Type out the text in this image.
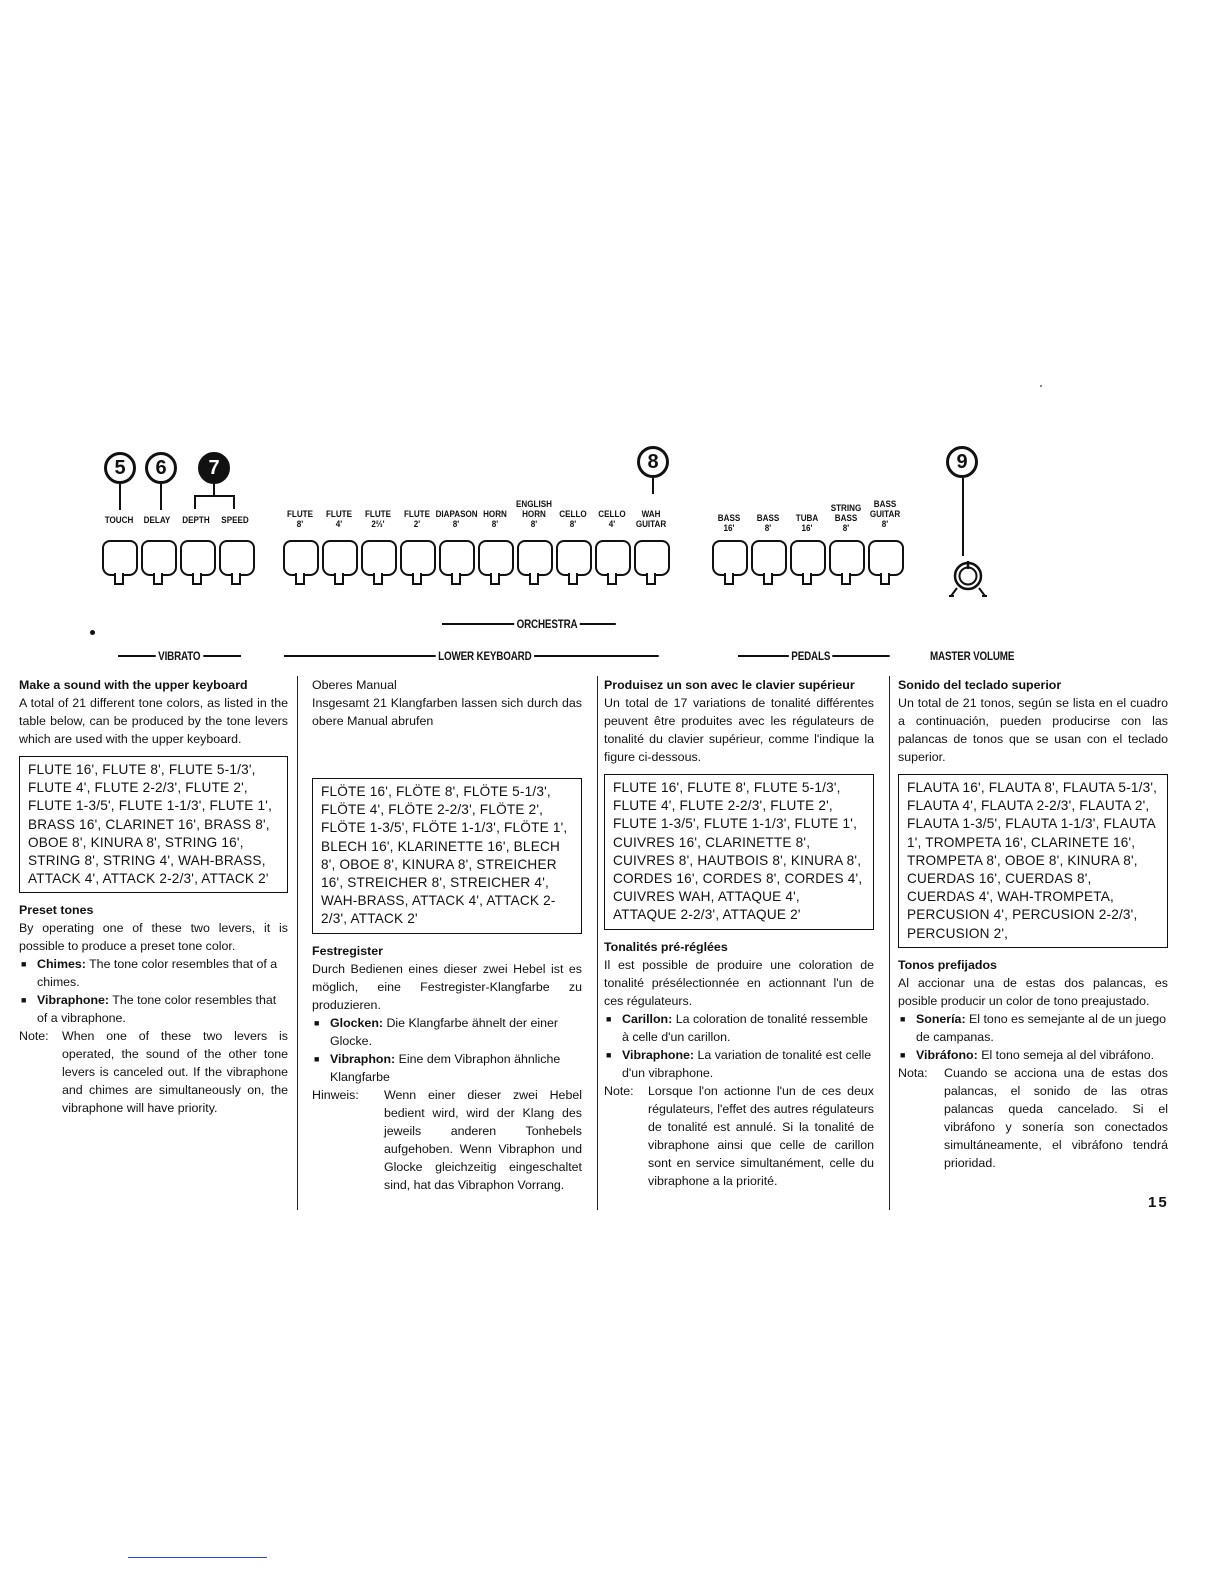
5	6	7	8	9
TOUCH	DELAY	DEPTH	SPEED

FLUTE
8'

FLUTE
4'

FLUTE
2⅔'

FLUTE
2'

DIAPASON
8'

HORN
8'
ENGLISH
HORN
8'

CELLO
8'

CELLO
4'

WAH
GUITAR

BASS
16'

BASS
8'

TUBA
16'
STRING
BASS
8'
BASS
GUITAR
8'
ORCHESTRA
VIBRATO	LOWER KEYBOARD	PEDALS	MASTER VOLUME

Make a sound with the upper keyboard

A total of 21 different tone colors, as listed in the table below, can be produced by the tone levers which are used with the upper keyboard.

FLUTE 16', FLUTE 8', FLUTE 5-1/3', FLUTE 4', FLUTE 2-2/3', FLUTE 2', FLUTE 1-3/5', FLUTE 1-1/3', FLUTE 1', BRASS 16', CLARINET 16', BRASS 8', OBOE 8', KINURA 8', STRING 16', STRING 8', STRING 4', WAH-BRASS, ATTACK 4', ATTACK 2-2/3', ATTACK 2'

Preset tones

By operating one of these two levers, it is possible to produce a preset tone color.

■ Chimes: The tone color resembles that of a chimes.

■ Vibraphone: The tone color resembles that of a vibraphone.

Note:	When one of these two levers is operated, the sound of the other tone levers is canceled out. If the vibraphone and chimes are simultaneously on, the vibraphone will have priority.

Oberes Manual

Insgesamt 21 Klangfarben lassen sich durch das obere Manual abrufen

FLÖTE 16', FLÖTE 8', FLÖTE 5-1/3', FLÖTE 4', FLÖTE 2-2/3', FLÖTE 2', FLÖTE 1-3/5', FLÖTE 1-1/3', FLÖTE 1', BLECH 16', KLARINETTE 16', BLECH 8', OBOE 8', KINURA 8', STREICHER 16', STREICHER 8', STREICHER 4', WAH-BRASS, ATTACK 4', ATTACK 2-2/3', ATTACK 2'

Festregister

Durch Bedienen eines dieser zwei Hebel ist es möglich, eine Festregister-Klangfarbe zu produzieren.

■ Glocken: Die Klangfarbe ähnelt der einer Glocke.

■ Vibraphon: Eine dem Vibraphon ähnliche Klangfarbe

Hinweis:	Wenn einer dieser zwei Hebel bedient wird, wird der Klang des jeweils anderen Tonhebels aufgehoben. Wenn Vibraphon und Glocke gleichzeitig eingeschaltet sind, hat das Vibraphon Vorrang.

Produisez un son avec le clavier supérieur

Un total de 17 variations de tonalité différentes peuvent être produites avec les régulateurs de tonalité du clavier supérieur, comme l'indique la figure ci-dessous.

FLUTE 16', FLUTE 8', FLUTE 5-1/3', FLUTE 4', FLUTE 2-2/3', FLUTE 2', FLUTE 1-3/5', FLUTE 1-1/3', FLUTE 1', CUIVRES 16', CLARINETTE 8', CUIVRES 8', HAUTBOIS 8', KINURA 8', CORDES 16', CORDES 8', CORDES 4', CUIVRES WAH, ATTAQUE 4', ATTAQUE 2-2/3', ATTAQUE 2'

Tonalités pré-réglées

Il est possible de produire une coloration de tonalité présélectionnée en actionnant l'un de ces régulateurs.

■ Carillon: La coloration de tonalité ressemble à celle d'un carillon.

■ Vibraphone: La variation de tonalité est celle d'un vibraphone.

Note:	Lorsque l'on actionne l'un de ces deux régulateurs, l'effet des autres régulateurs de tonalité est annulé. Si la tonalité de vibraphone ainsi que celle de carillon sont en service simultanément, celle du vibraphone a la priorité.

Sonido del teclado superior

Un total de 21 tonos, según se lista en el cuadro a continuación, pueden producirse con las palancas de tonos que se usan con el teclado superior.

FLAUTA 16', FLAUTA 8', FLAUTA 5-1/3', FLAUTA 4', FLAUTA 2-2/3', FLAUTA 2', FLAUTA 1-3/5', FLAUTA 1-1/3', FLAUTA 1', TROMPETA 16', CLARINETE 16', TROMPETA 8', OBOE 8', KINURA 8', CUERDAS 16', CUERDAS 8', CUERDAS 4', WAH-TROMPETA, PERCUSION 4', PERCUSION 2-2/3', PERCUSION 2',

Tonos prefijados

Al accionar una de estas dos palancas, es posible producir un color de tono preajustado.

■ Sonería: El tono es semejante al de un juego de campanas.

■ Vibráfono: El tono semeja al del vibráfono.

Nota:	Cuando se acciona una de estas dos palancas, el sonido de las otras palancas queda cancelado. Si el vibráfono y sonería son conectados simultáneamente, el vibráfono tendrá prioridad.
15
